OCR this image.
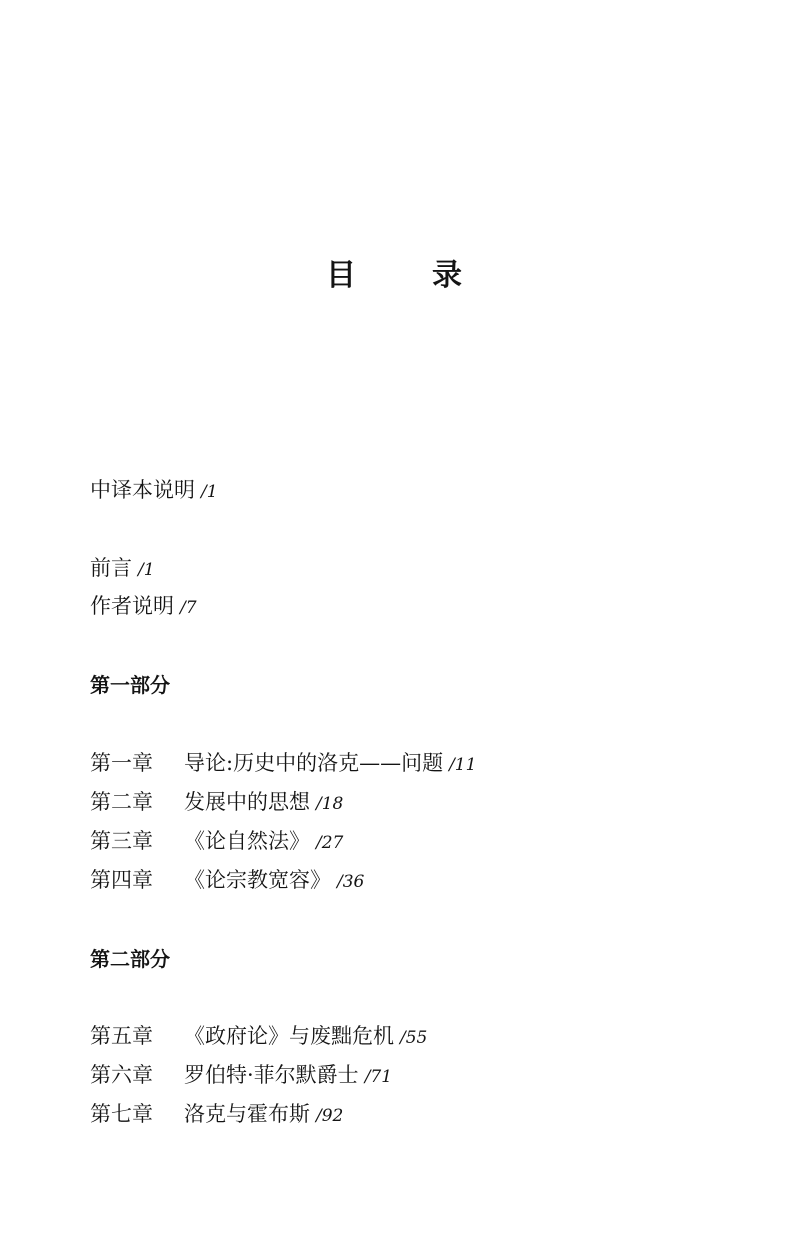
目 录
中译本说明 /1
前言 /1
作者说明 /7
第一部分
第一章 导论:历史中的洛克——问题 /11
第二章 发展中的思想 /18
第三章 《论自然法》 /27
第四章 《论宗教宽容》 /36
第二部分
第五章 《政府论》与废黜危机 /55
第六章 罗伯特·菲尔默爵士 /71
第七章 洛克与霍布斯 /92
